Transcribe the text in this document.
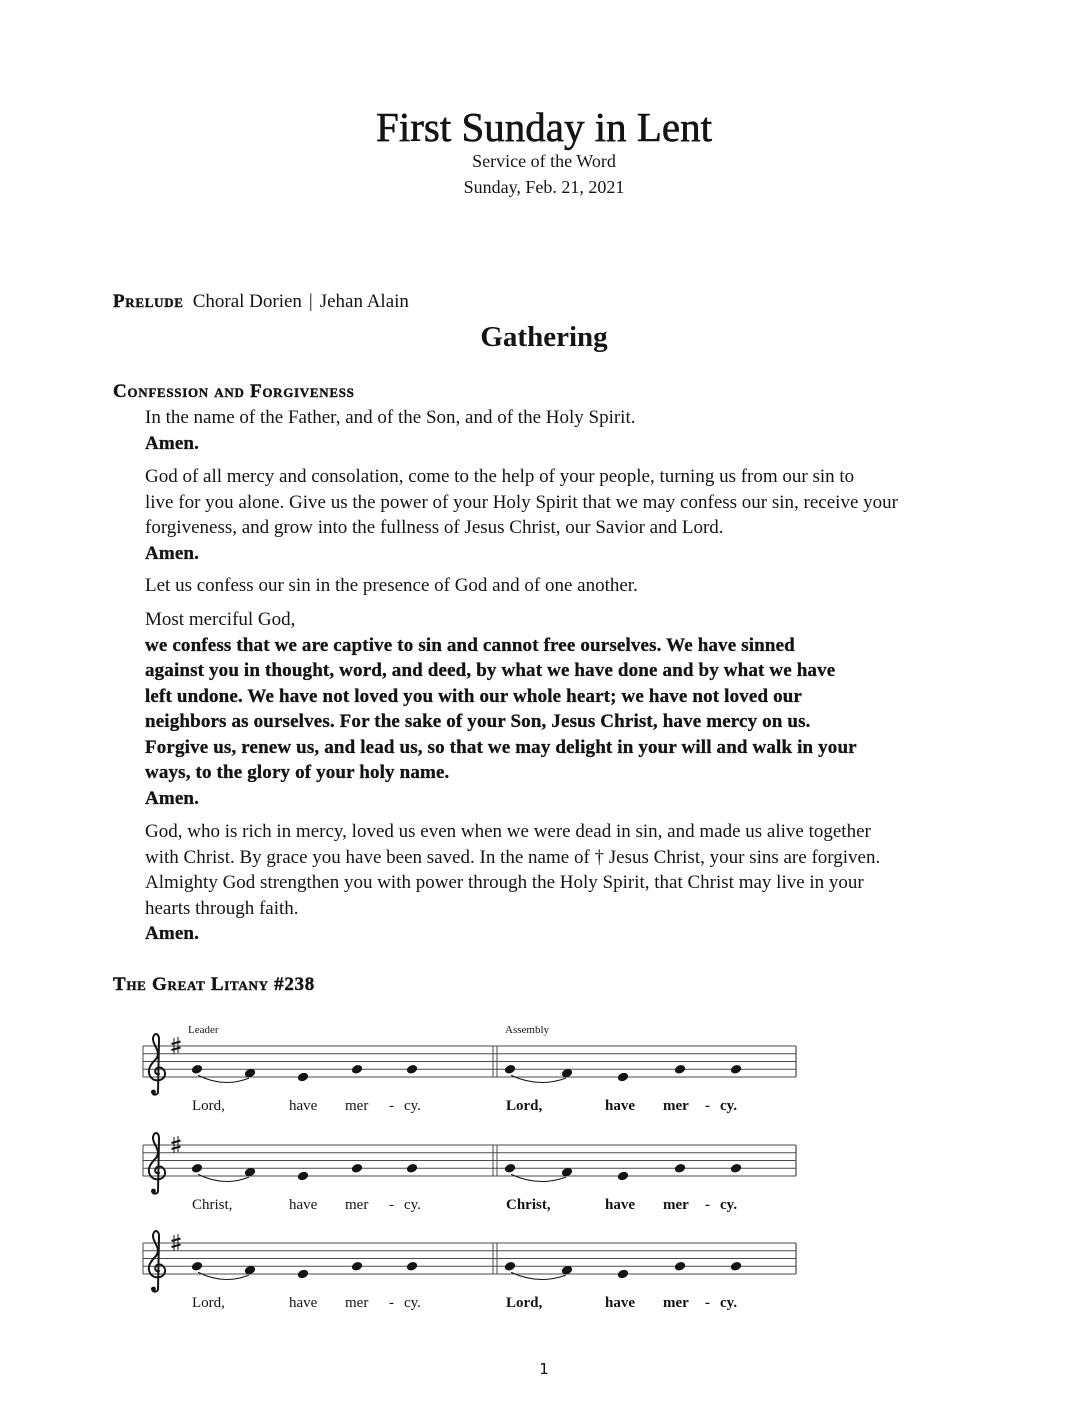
First Sunday in Lent
Service of the Word
Sunday, Feb. 21, 2021
Prelude Choral Dorien | Jehan Alain
Gathering
Confession and Forgiveness
In the name of the Father, and of the Son, and of the Holy Spirit.
Amen.
God of all mercy and consolation, come to the help of your people, turning us from our sin to
live for you alone. Give us the power of your Holy Spirit that we may confess our sin, receive your
forgiveness, and grow into the fullness of Jesus Christ, our Savior and Lord.
Amen.
Let us confess our sin in the presence of God and of one another.
Most merciful God,
we confess that we are captive to sin and cannot free ourselves. We have sinned
against you in thought, word, and deed, by what we have done and by what we have
left undone. We have not loved you with our whole heart; we have not loved our
neighbors as ourselves. For the sake of your Son, Jesus Christ, have mercy on us.
Forgive us, renew us, and lead us, so that we may delight in your will and walk in your
ways, to the glory of your holy name.
Amen.
God, who is rich in mercy, loved us even when we were dead in sin, and made us alive together
with Christ. By grace you have been saved. In the name of † Jesus Christ, your sins are forgiven.
Almighty God strengthen you with power through the Holy Spirit, that Christ may live in your
hearts through faith.
Amen.
The Great Litany #238
Leader	Assembly
Lord,	have mer - cy.	Lord,	have mer - cy.
Christ,	have mer - cy.	Christ,	have mer - cy.
Lord,	have mer - cy.	Lord,	have mer - cy.
1
